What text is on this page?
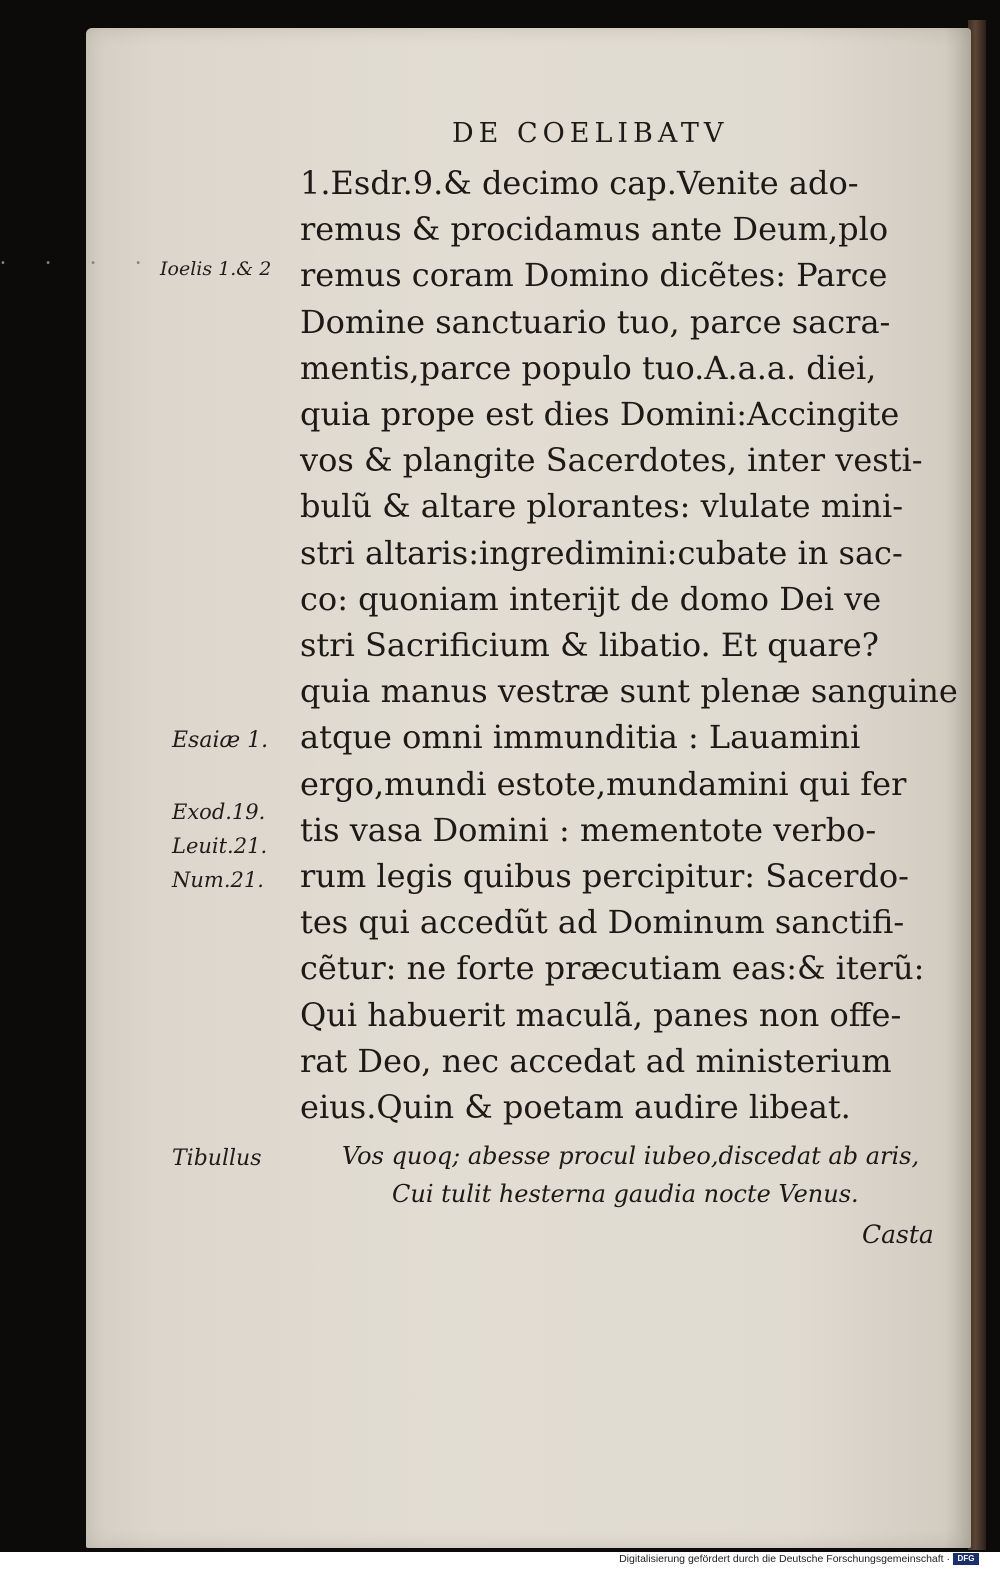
• • • •
DE COELIBATV
1.Esdr.9.& decimo cap.Venite ado-
remus & procidamus ante Deum,plo
remus coram Domino dicẽtes: Parce
Domine sanctuario tuo, parce sacra-
mentis,parce populo tuo.A.a.a. diei,
quia prope est dies Domini:Accingite
vos & plangite Sacerdotes, inter vesti-
bulũ & altare plorantes: vlulate mini-
stri altaris:ingredimini:cubate in sac-
co: quoniam interijt de domo Dei ve
stri Sacrificium & libatio. Et quare?
quia manus vestræ sunt plenæ sanguine
atque omni immunditia : Lauamini
ergo,mundi estote,mundamini qui fer
tis vasa Domini : mementote verbo-
rum legis quibus percipitur: Sacerdo-
tes qui accedũt ad Dominum sanctifi-
cẽtur: ne forte præcutiam eas:& iterũ:
Qui habuerit maculã, panes non offe-
rat Deo, nec accedat ad ministerium
eius.Quin & poetam audire libeat.
Ioelis 1.& 2
Esaiæ 1.
Exod.19.
Leuit.21.
Num.21.
Tibullus	Vos quoq; abesse procul iubeo,discedat ab aris,
Cui tulit hesterna gaudia nocte Venus.
Casta
Digitalisierung gefördert durch die Deutsche Forschungsgemeinschaft · DFG
